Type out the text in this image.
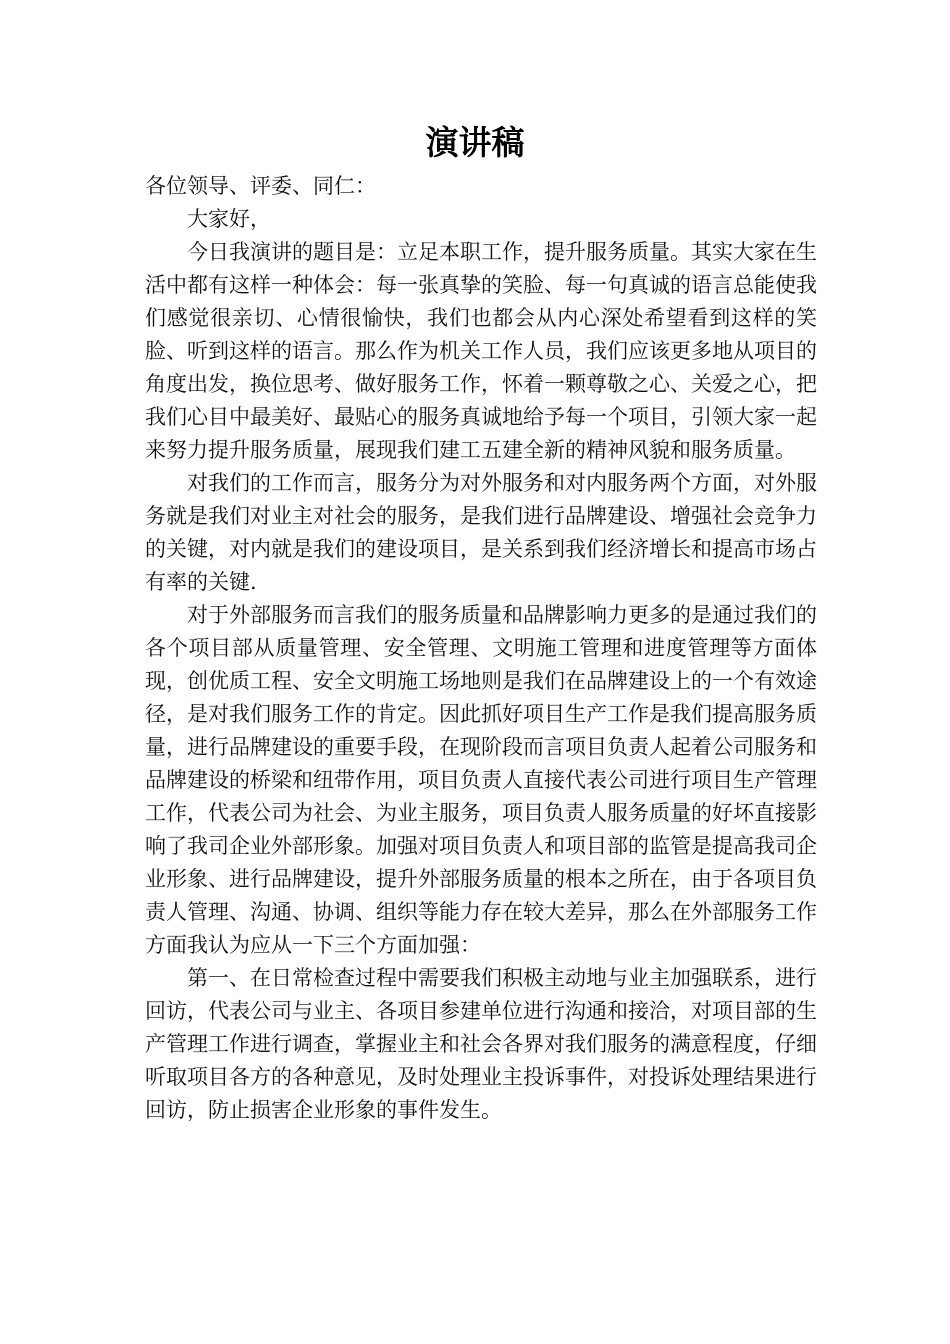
演讲稿

各位领导、评委、同仁：

大家好，

今日我演讲的题目是：立足本职工作，提升服务质量。其实大家在生活中都有这样一种体会：每一张真挚的笑脸、每一句真诚的语言总能使我们感觉很亲切、心情很愉快，我们也都会从内心深处希望看到这样的笑脸、听到这样的语言。那么作为机关工作人员，我们应该更多地从项目的角度出发，换位思考、做好服务工作，怀着一颗尊敬之心、关爱之心，把我们心目中最美好、最贴心的服务真诚地给予每一个项目，引领大家一起来努力提升服务质量，展现我们建工五建全新的精神风貌和服务质量。

对我们的工作而言，服务分为对外服务和对内服务两个方面，对外服务就是我们对业主对社会的服务，是我们进行品牌建设、增强社会竞争力的关键，对内就是我们的建设项目，是关系到我们经济增长和提高市场占有率的关键.

对于外部服务而言我们的服务质量和品牌影响力更多的是通过我们的各个项目部从质量管理、安全管理、文明施工管理和进度管理等方面体现，创优质工程、安全文明施工场地则是我们在品牌建设上的一个有效途径，是对我们服务工作的肯定。因此抓好项目生产工作是我们提高服务质量，进行品牌建设的重要手段，在现阶段而言项目负责人起着公司服务和品牌建设的桥梁和纽带作用，项目负责人直接代表公司进行项目生产管理工作，代表公司为社会、为业主服务，项目负责人服务质量的好坏直接影响了我司企业外部形象。加强对项目负责人和项目部的监管是提高我司企业形象、进行品牌建设，提升外部服务质量的根本之所在，由于各项目负责人管理、沟通、协调、组织等能力存在较大差异，那么在外部服务工作方面我认为应从一下三个方面加强：

第一、在日常检查过程中需要我们积极主动地与业主加强联系，进行回访，代表公司与业主、各项目参建单位进行沟通和接洽，对项目部的生产管理工作进行调查，掌握业主和社会各界对我们服务的满意程度，仔细听取项目各方的各种意见，及时处理业主投诉事件，对投诉处理结果进行回访，防止损害企业形象的事件发生。
